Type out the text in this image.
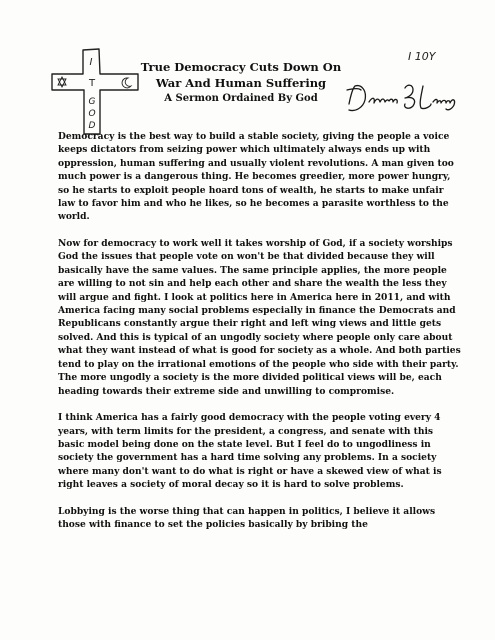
I
T
G
O
D
True Democracy Cuts Down On
War And Human Suffering
A Sermon Ordained By God
I 10Y

Democracy is the best way to build a stable society, giving the people a voice keeps dictators from seizing power which ultimately always ends up with oppression, human suffering and usually violent revolutions. A man given too much power is a dangerous thing. He becomes greedier, more power hungry, so he starts to exploit people hoard tons of wealth, he starts to make unfair law to favor him and who he likes, so he becomes a parasite worthless to the world.

Now for democracy to work well it takes worship of God, if a society worships God the issues that people vote on won't be that divided because they will basically have the same values. The same principle applies, the more people are willing to not sin and help each other and share the wealth the less they will argue and fight. I look at politics here in America here in 2011, and with America facing many social problems especially in finance the Democrats and Republicans constantly argue their right and left wing views and little gets solved. And this is typical of an ungodly society where people only care about what they want instead of what is good for society as a whole. And both parties tend to play on the irrational emotions of the people who side with their party. The more ungodly a society is the more divided political views will be, each heading towards their extreme side and unwilling to compromise.

I think America has a fairly good democracy with the people voting every 4 years, with term limits for the president, a congress, and senate with this basic model being done on the state level. But I feel do to ungodliness in society the government has a hard time solving any problems. In a society where many don't want to do what is right or have a skewed view of what is right leaves a society of moral decay so it is hard to solve problems.

Lobbying is the worse thing that can happen in politics, I believe it allows those with finance to set the policies basically by bribing the
